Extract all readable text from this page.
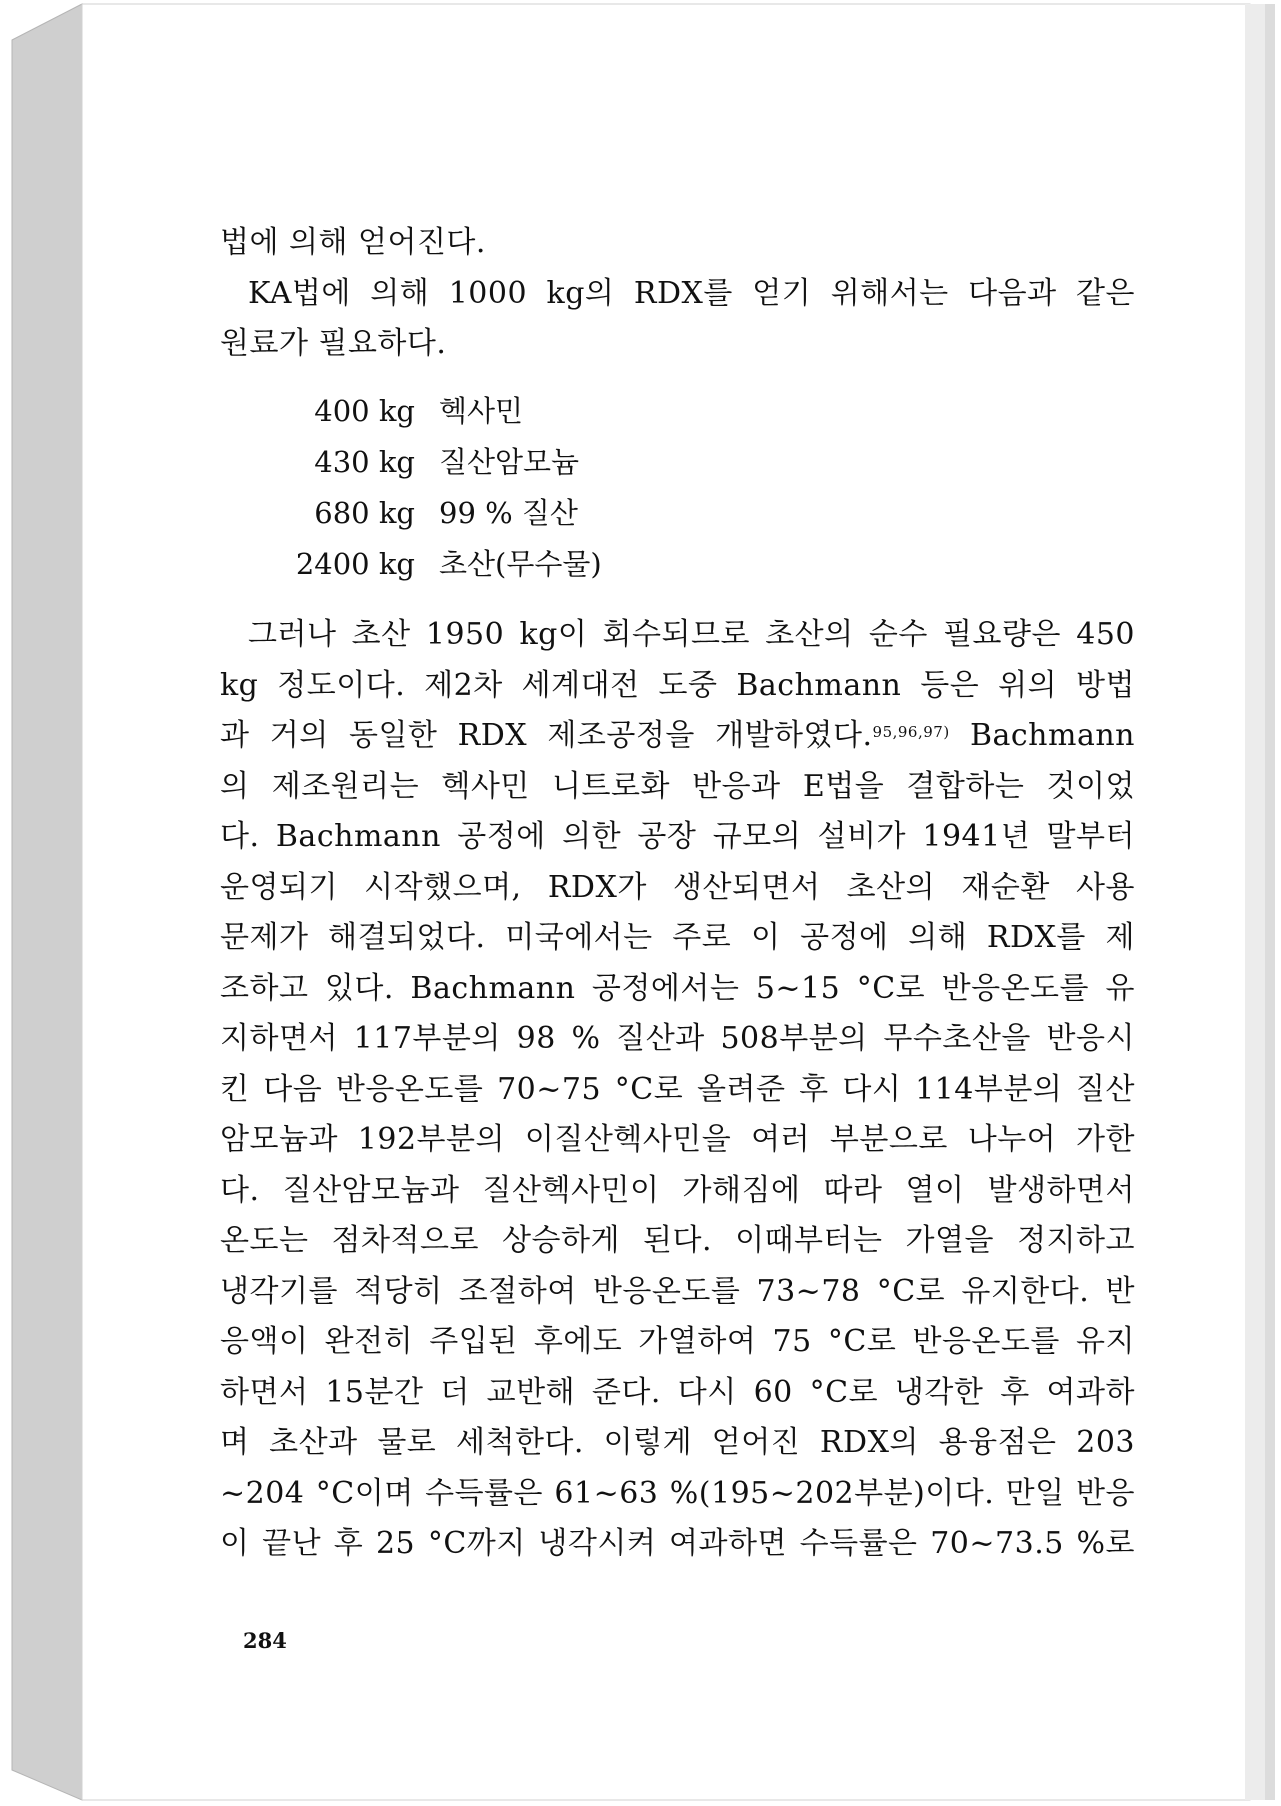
법에 의해 얻어진다.
KA법에 의해 1000 kg의 RDX를 얻기 위해서는 다음과 같은
원료가 필요하다.
400 kg 헥사민
430 kg 질산암모늄
680 kg 99 % 질산
2400 kg 초산(무수물)
그러나 초산 1950 kg이 회수되므로 초산의 순수 필요량은 450
kg 정도이다. 제2차 세계대전 도중 Bachmann 등은 위의 방법
과 거의 동일한 RDX 제조공정을 개발하였다.$^{95,96,97)}$ Bachmann
의 제조원리는 헥사민 니트로화 반응과 E법을 결합하는 것이었
다. Bachmann 공정에 의한 공장 규모의 설비가 1941년 말부터
운영되기 시작했으며, RDX가 생산되면서 초산의 재순환 사용
문제가 해결되었다. 미국에서는 주로 이 공정에 의해 RDX를 제
조하고 있다. Bachmann 공정에서는 5~15 °C로 반응온도를 유
지하면서 117부분의 98 % 질산과 508부분의 무수초산을 반응시
킨 다음 반응온도를 70~75 °C로 올려준 후 다시 114부분의 질산
암모늄과 192부분의 이질산헥사민을 여러 부분으로 나누어 가한
다. 질산암모늄과 질산헥사민이 가해짐에 따라 열이 발생하면서
온도는 점차적으로 상승하게 된다. 이때부터는 가열을 정지하고
냉각기를 적당히 조절하여 반응온도를 73~78 °C로 유지한다. 반
응액이 완전히 주입된 후에도 가열하여 75 °C로 반응온도를 유지
하면서 15분간 더 교반해 준다. 다시 60 °C로 냉각한 후 여과하
며 초산과 물로 세척한다. 이렇게 얻어진 RDX의 용융점은 203
~204 °C이며 수득률은 61~63 %(195~202부분)이다. 만일 반응
이 끝난 후 25 °C까지 냉각시켜 여과하면 수득률은 70~73.5 %로
284
